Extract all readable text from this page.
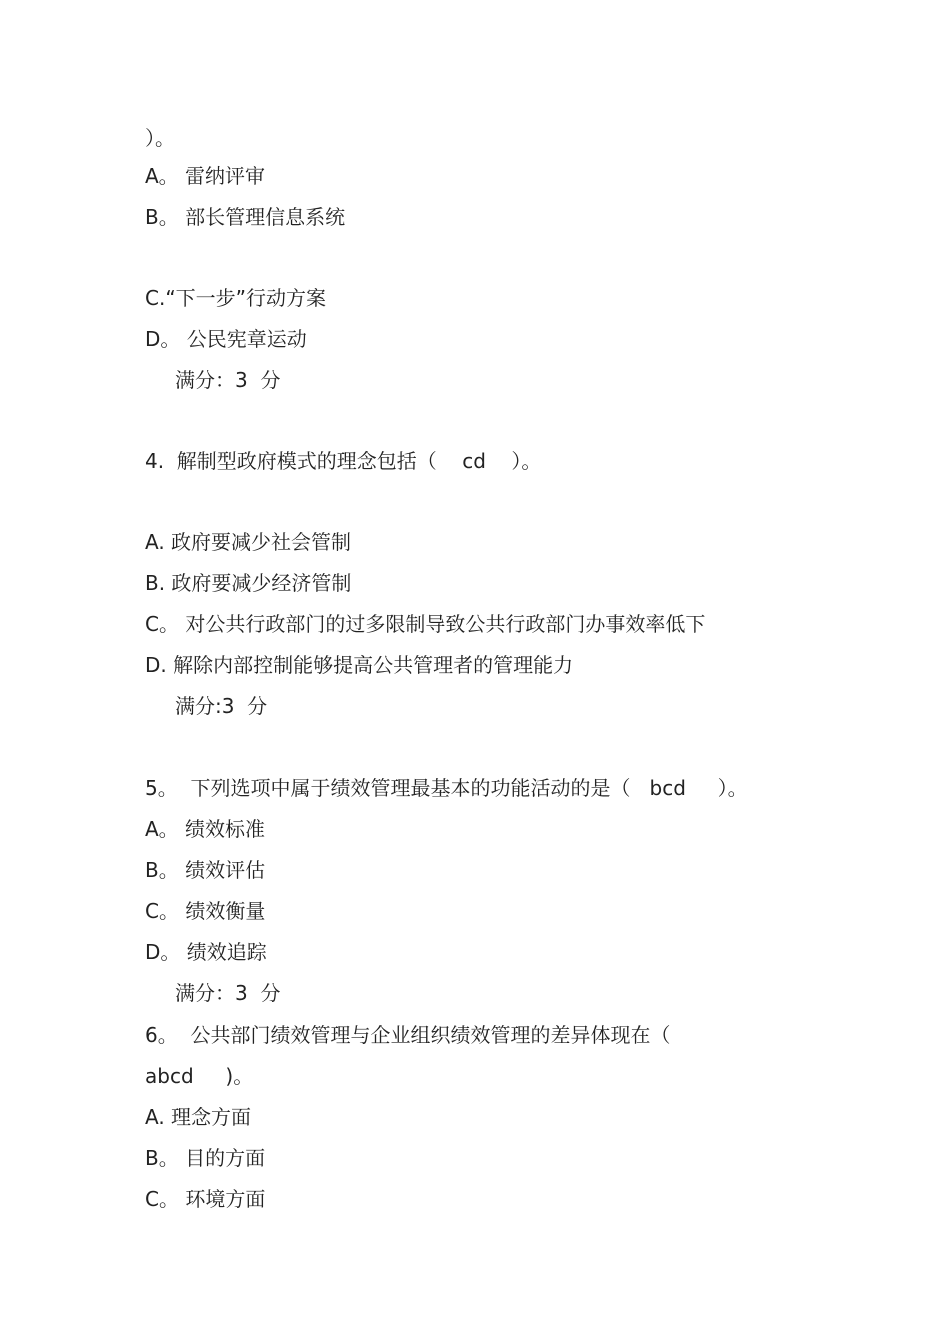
）。
A。 雷纳评审
B。 部长管理信息系统
C.“下一步”行动方案
D。 公民宪章运动
满分：3  分
4.  解制型政府模式的理念包括（    cd    ）。
A. 政府要减少社会管制
B. 政府要减少经济管制
C。 对公共行政部门的过多限制导致公共行政部门办事效率低下
D. 解除内部控制能够提高公共管理者的管理能力
满分:3  分
5。  下列选项中属于绩效管理最基本的功能活动的是（   bcd     ）。
A。 绩效标准
B。 绩效评估
C。 绩效衡量
D。 绩效追踪
满分：3  分
6。  公共部门绩效管理与企业组织绩效管理的差异体现在（
abcd     )。
A. 理念方面
B。 目的方面
C。 环境方面
